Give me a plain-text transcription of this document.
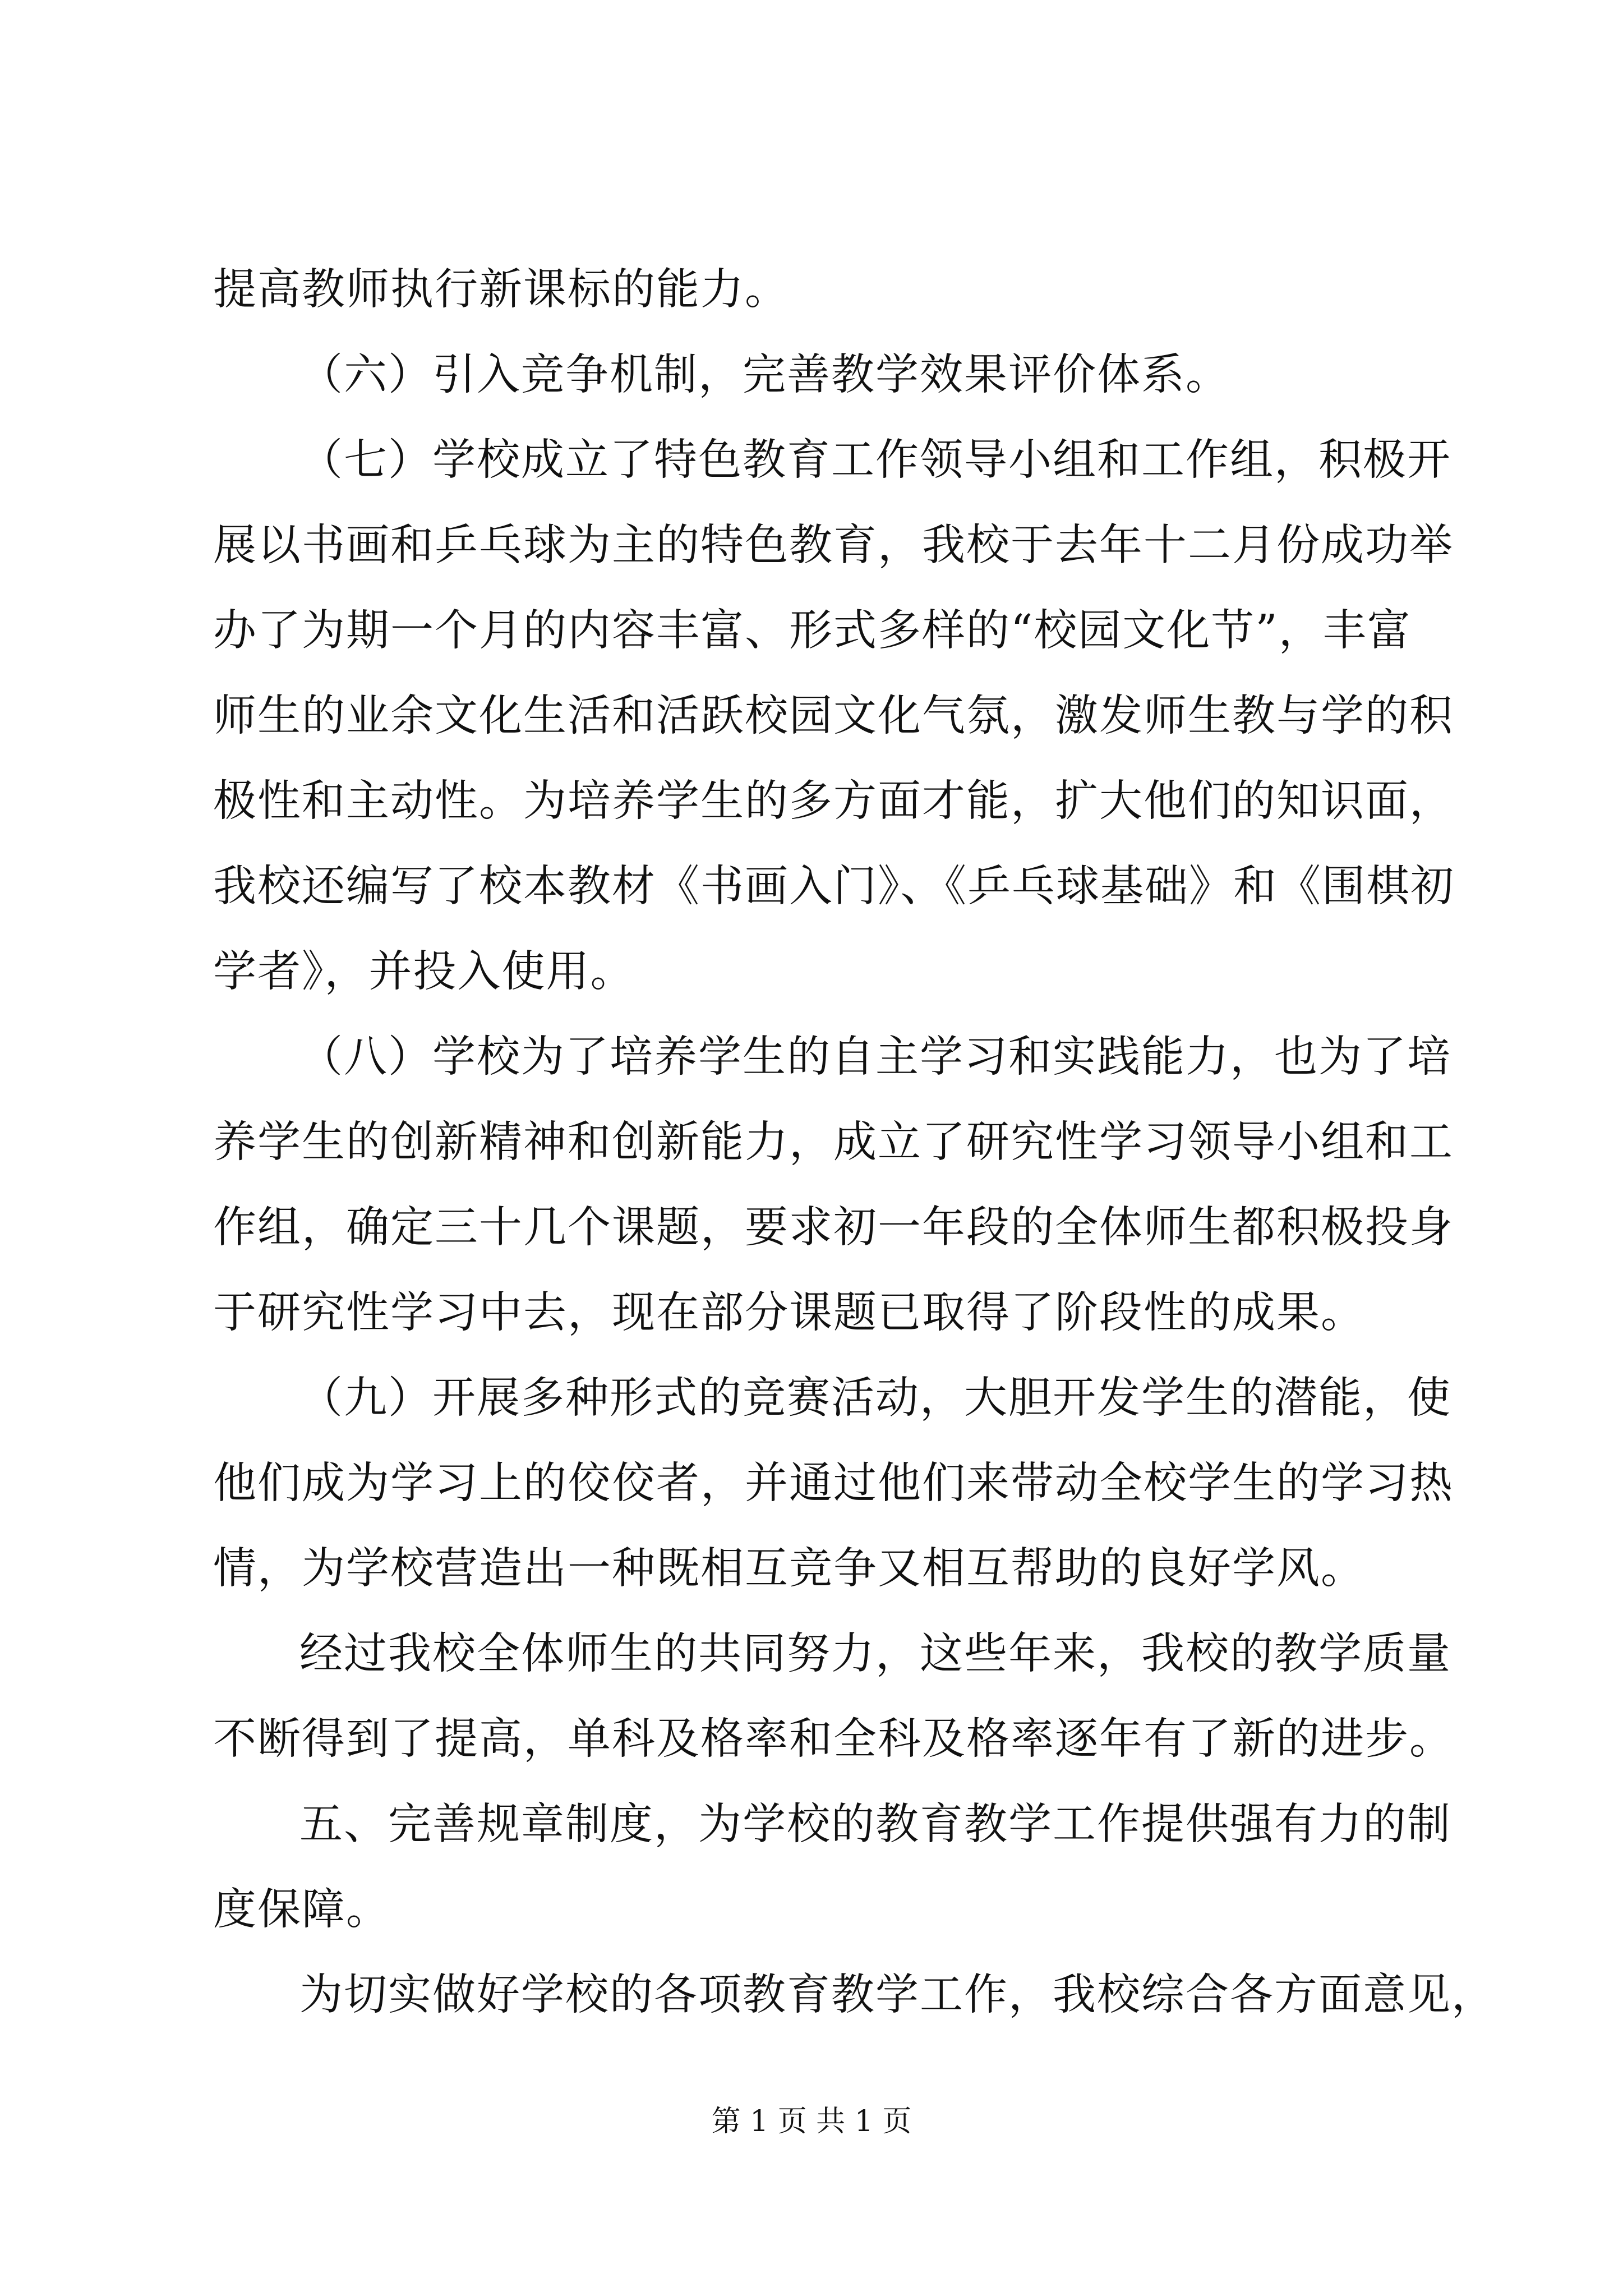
提高教师执行新课标的能力。
（六）引入竞争机制，完善教学效果评价体系。
（七）学校成立了特色教育工作领导小组和工作组，积极开
展以书画和乒乓球为主的特色教育，我校于去年十二月份成功举
办了为期一个月的内容丰富、形式多样的“校园文化节”，丰富
师生的业余文化生活和活跃校园文化气氛，激发师生教与学的积
极性和主动性。为培养学生的多方面才能，扩大他们的知识面，
我校还编写了校本教材《书画入门》、《乒乓球基础》和《围棋初
学者》，并投入使用。
（八）学校为了培养学生的自主学习和实践能力，也为了培
养学生的创新精神和创新能力，成立了研究性学习领导小组和工
作组，确定三十几个课题，要求初一年段的全体师生都积极投身
于研究性学习中去，现在部分课题已取得了阶段性的成果。
（九）开展多种形式的竞赛活动，大胆开发学生的潜能，使
他们成为学习上的佼佼者，并通过他们来带动全校学生的学习热
情，为学校营造出一种既相互竞争又相互帮助的良好学风。
经过我校全体师生的共同努力，这些年来，我校的教学质量
不断得到了提高，单科及格率和全科及格率逐年有了新的进步。
五、完善规章制度，为学校的教育教学工作提供强有力的制
度保障。
为切实做好学校的各项教育教学工作，我校综合各方面意见，
第 1 页 共 1 页
